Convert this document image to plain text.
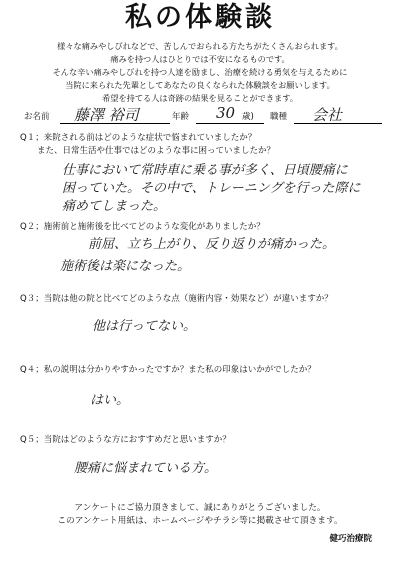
私の体験談
様々な痛みやしびれなどで、苦しんでおられる方たちがたくさんおられます。
痛みを持つ人はひとりでは不安になるものです。
そんな辛い痛みやしびれを持つ人達を励まし、治療を続ける勇気を与えるために
当院に来られた先輩としてあなたの良くなられた体験談をお願いします。
希望を持てる人は奇跡の結果を見ることができます。
お名前 藤澤 裕司	年齢 30 歳) 職種 会社
Q１；来院される前はどのような症状で悩まれていましたか？
　　また、日常生活や仕事ではどのような事に困っていましたか？
仕事において常時車に乗る事が多く、日頃腰痛に
困っていた。その中で、トレーニングを行った際に
痛めてしまった。
Q２；施術前と施術後を比べてどのような変化がありましたか？
前屈、立ち上がり、反り返りが痛かった。
施術後は楽になった。
Q３；当院は他の院と比べてどのような点（施術内容・効果など）が違いますか？
他は行ってない。
Q４；私の説明は分かりやすかったですか？また私の印象はいかがでしたか？
はい。
Q５；当院はどのような方におすすめだと思いますか？
腰痛に悩まれている方。
アンケートにご協力頂きまして、誠にありがとうございました。
このアンケート用紙は、ホームページやチラシ等に掲載させて頂きます。
健巧治療院
